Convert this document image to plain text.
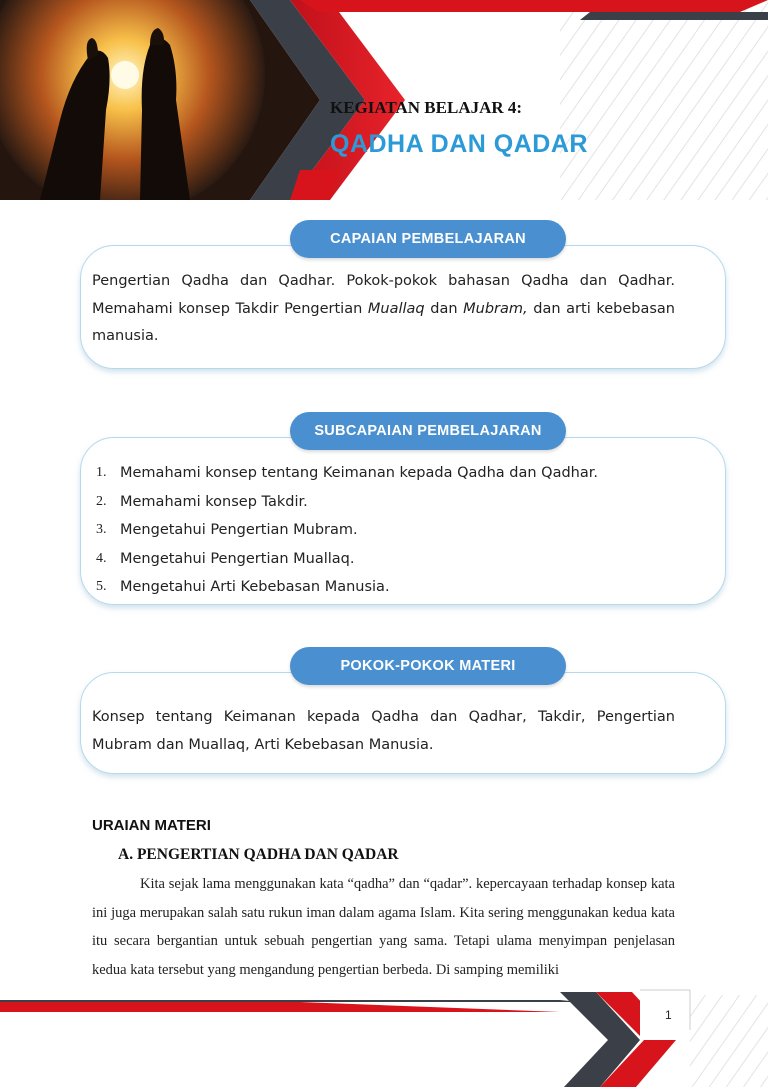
KEGIATAN BELAJAR 4:
QADHA DAN QADAR
CAPAIAN PEMBELAJARAN
Pengertian Qadha dan Qadhar. Pokok-pokok bahasan Qadha dan Qadhar. Memahami konsep Takdir Pengertian Muallaq dan Mubram, dan arti kebebasan manusia.
SUBCAPAIAN PEMBELAJARAN
1. Memahami konsep tentang Keimanan kepada Qadha dan Qadhar.
2. Memahami konsep Takdir.
3. Mengetahui Pengertian Mubram.
4. Mengetahui Pengertian Muallaq.
5. Mengetahui Arti Kebebasan Manusia.
POKOK-POKOK MATERI
Konsep tentang Keimanan kepada Qadha dan Qadhar, Takdir, Pengertian Mubram dan Muallaq, Arti Kebebasan Manusia.
URAIAN MATERI
A. PENGERTIAN QADHA DAN QADAR
Kita sejak lama menggunakan kata “qadha” dan “qadar”. kepercayaan terhadap konsep kata ini juga merupakan salah satu rukun iman dalam agama Islam. Kita sering menggunakan kedua kata itu secara bergantian untuk sebuah pengertian yang sama. Tetapi ulama menyimpan penjelasan kedua kata tersebut yang mengandung pengertian berbeda. Di samping memiliki
1
